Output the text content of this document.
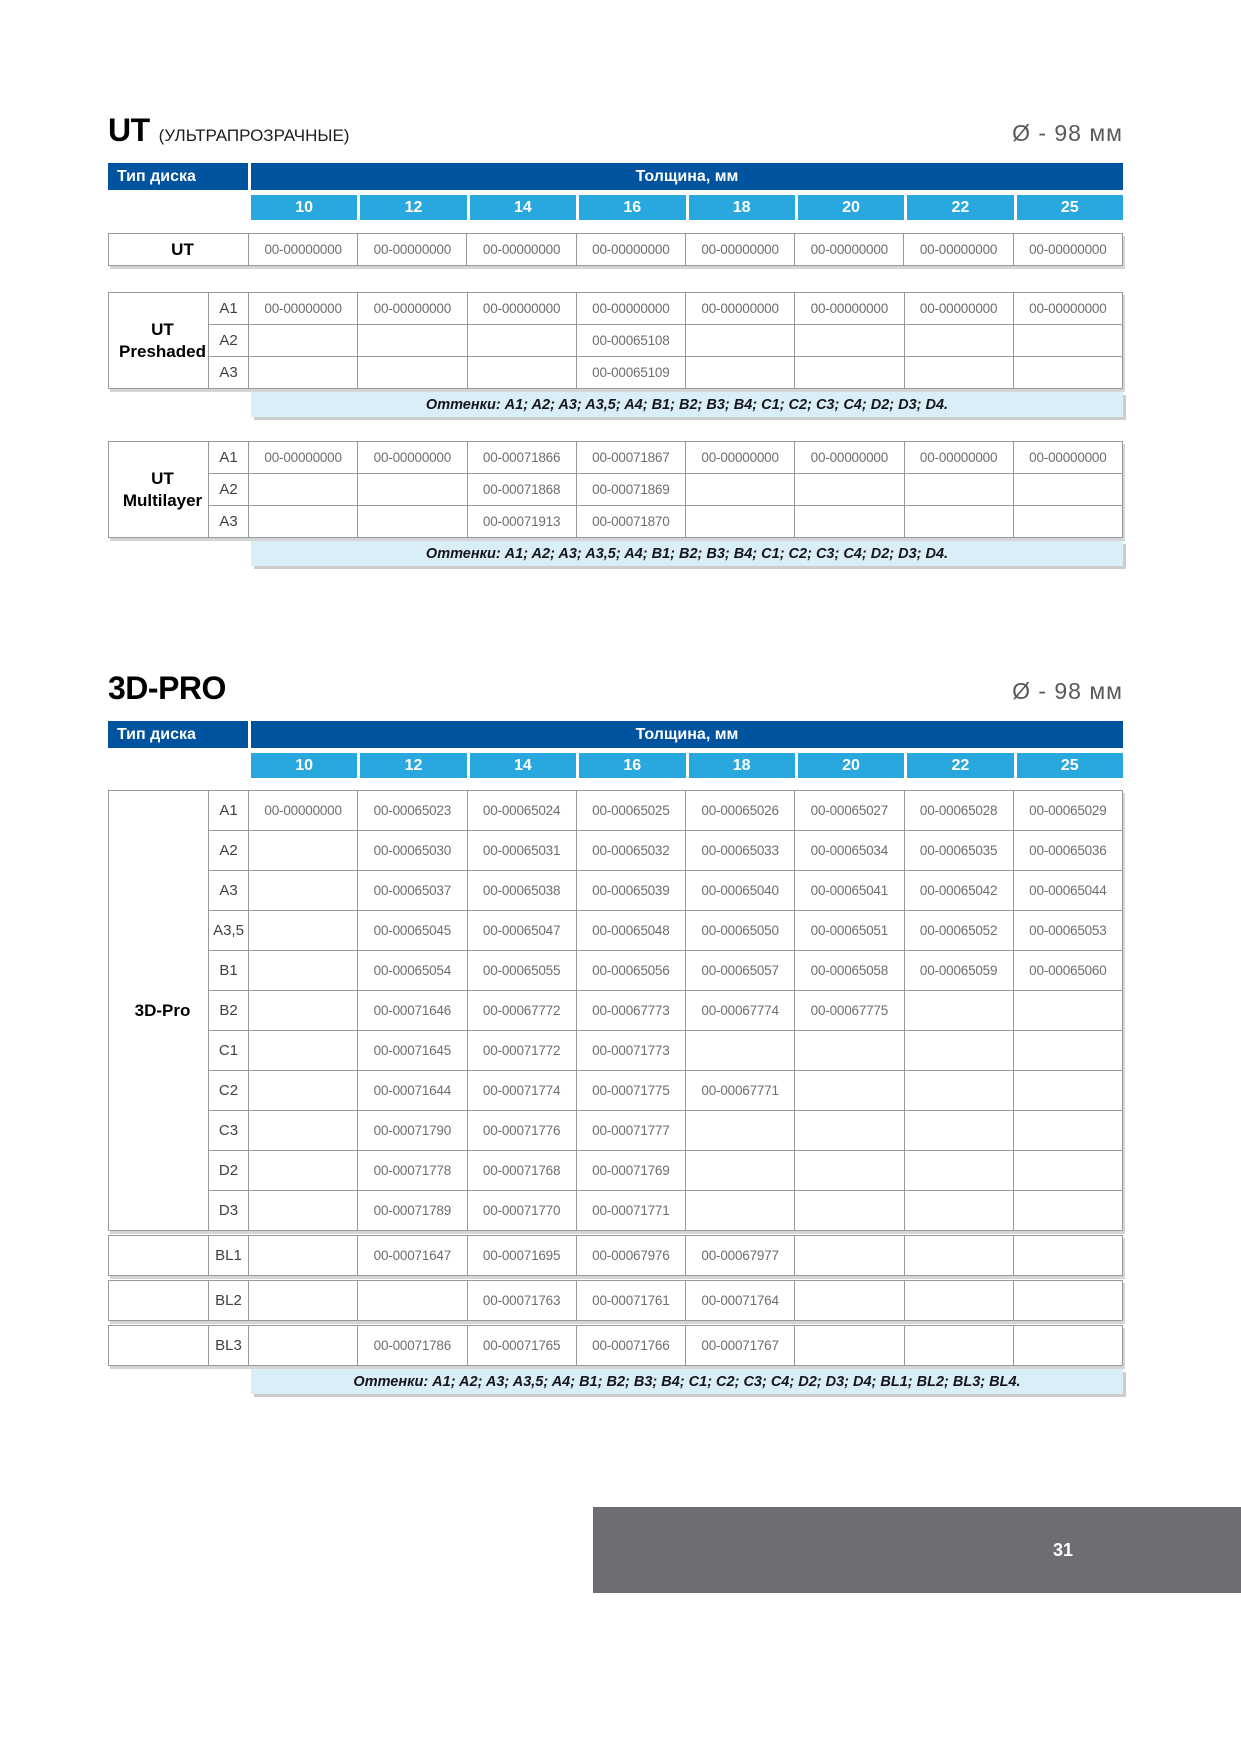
UT (УЛЬТРАПРОЗРАЧНЫЕ)	Ø - 98 мм
Тип диска	Толщина, мм
10	12	14	16	18	20	22	25
UT	00-00000000	00-00000000	00-00000000	00-00000000	00-00000000	00-00000000	00-00000000	00-00000000
UT Preshaded	A1	00-00000000	00-00000000	00-00000000	00-00000000	00-00000000	00-00000000	00-00000000	00-00000000
	A2				00-00065108				
	A3				00-00065109				
Оттенки: A1; A2; A3; A3,5; A4; B1; B2; B3; B4; C1; C2; C3; C4; D2; D3; D4.
UT Multilayer	A1	00-00000000	00-00000000	00-00071866	00-00071867	00-00000000	00-00000000	00-00000000	00-00000000
	A2			00-00071868	00-00071869				
	A3			00-00071913	00-00071870				
Оттенки: A1; A2; A3; A3,5; A4; B1; B2; B3; B4; C1; C2; C3; C4; D2; D3; D4.
3D-PRO	Ø - 98 мм
Тип диска	Толщина, мм
10	12	14	16	18	20	22	25
3D-Pro	A1	00-00000000	00-00065023	00-00065024	00-00065025	00-00065026	00-00065027	00-00065028	00-00065029
	A2		00-00065030	00-00065031	00-00065032	00-00065033	00-00065034	00-00065035	00-00065036
	A3		00-00065037	00-00065038	00-00065039	00-00065040	00-00065041	00-00065042	00-00065044
	A3,5		00-00065045	00-00065047	00-00065048	00-00065050	00-00065051	00-00065052	00-00065053
	B1		00-00065054	00-00065055	00-00065056	00-00065057	00-00065058	00-00065059	00-00065060
	B2		00-00071646	00-00067772	00-00067773	00-00067774	00-00067775		
	C1		00-00071645	00-00071772	00-00071773				
	C2		00-00071644	00-00071774	00-00071775	00-00067771			
	C3		00-00071790	00-00071776	00-00071777				
	D2		00-00071778	00-00071768	00-00071769				
	D3		00-00071789	00-00071770	00-00071771				
	BL1		00-00071647	00-00071695	00-00067976	00-00067977			
	BL2			00-00071763	00-00071761	00-00071764			
	BL3		00-00071786	00-00071765	00-00071766	00-00071767			
Оттенки: A1; A2; A3; A3,5; A4; B1; B2; B3; B4; C1; C2; C3; C4; D2; D3; D4; BL1; BL2; BL3; BL4.
31
